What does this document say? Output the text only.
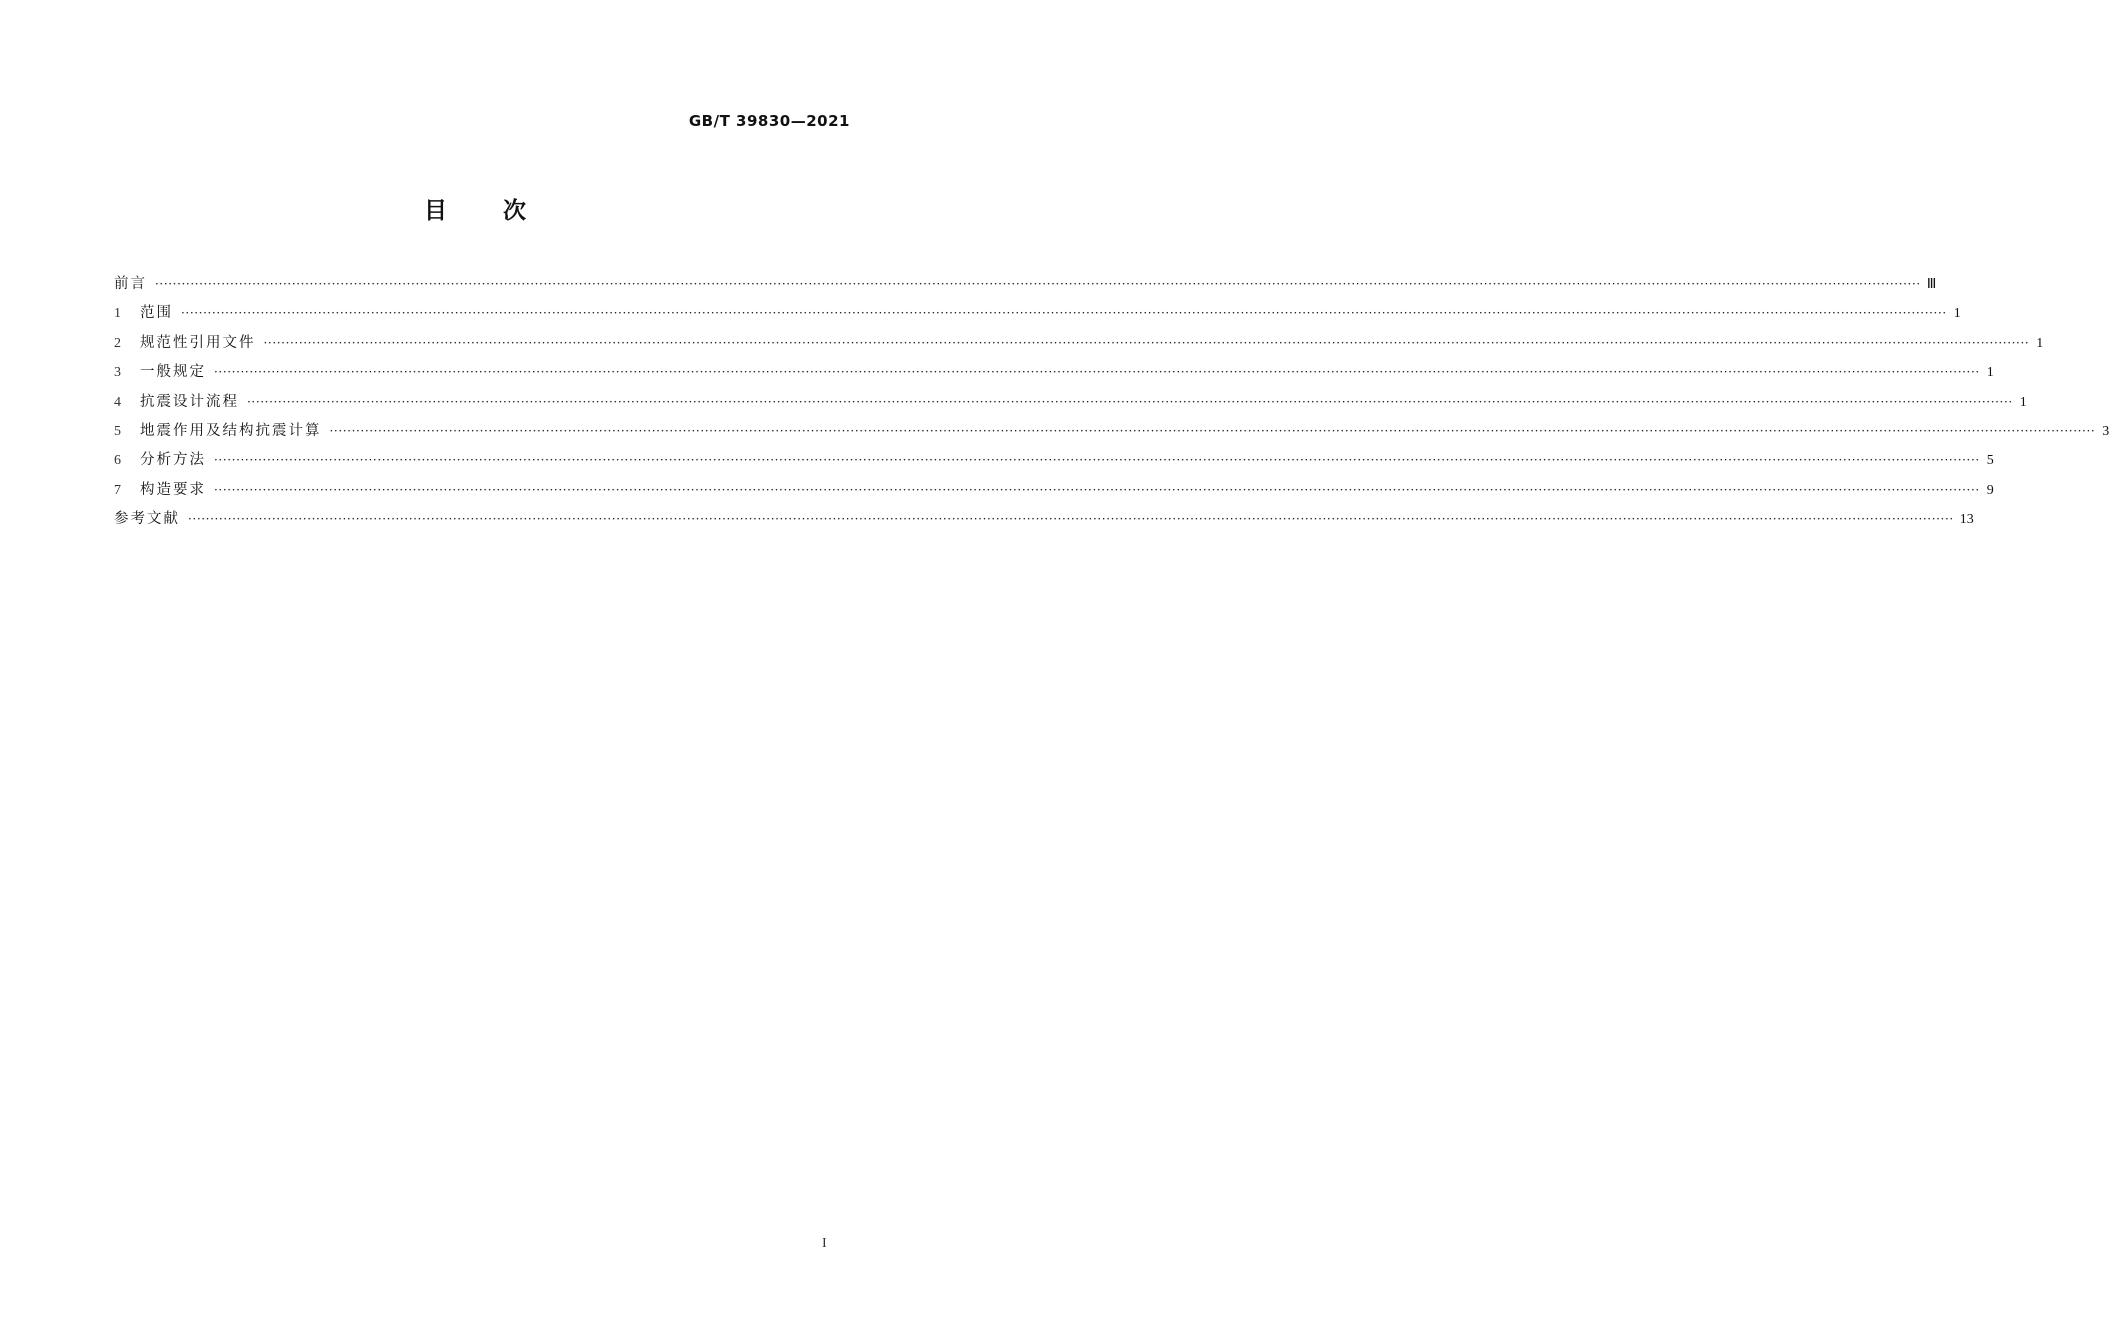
GB/T 39830—2021
目次
前言 ················································································································································································································································································································································································································ Ⅲ
1	范围 ················································································································································································································································································································································································································ 1
2	规范性引用文件 ················································································································································································································································································································································································································ 1
3	一般规定 ················································································································································································································································································································································································································ 1
4	抗震设计流程 ················································································································································································································································································································································································································ 1
5	地震作用及结构抗震计算 ················································································································································································································································································································································································································ 3
6	分析方法 ················································································································································································································································································································································································································ 5
7	构造要求 ················································································································································································································································································································································································································ 9
参考文献 ················································································································································································································································································································································································································ 13
I
